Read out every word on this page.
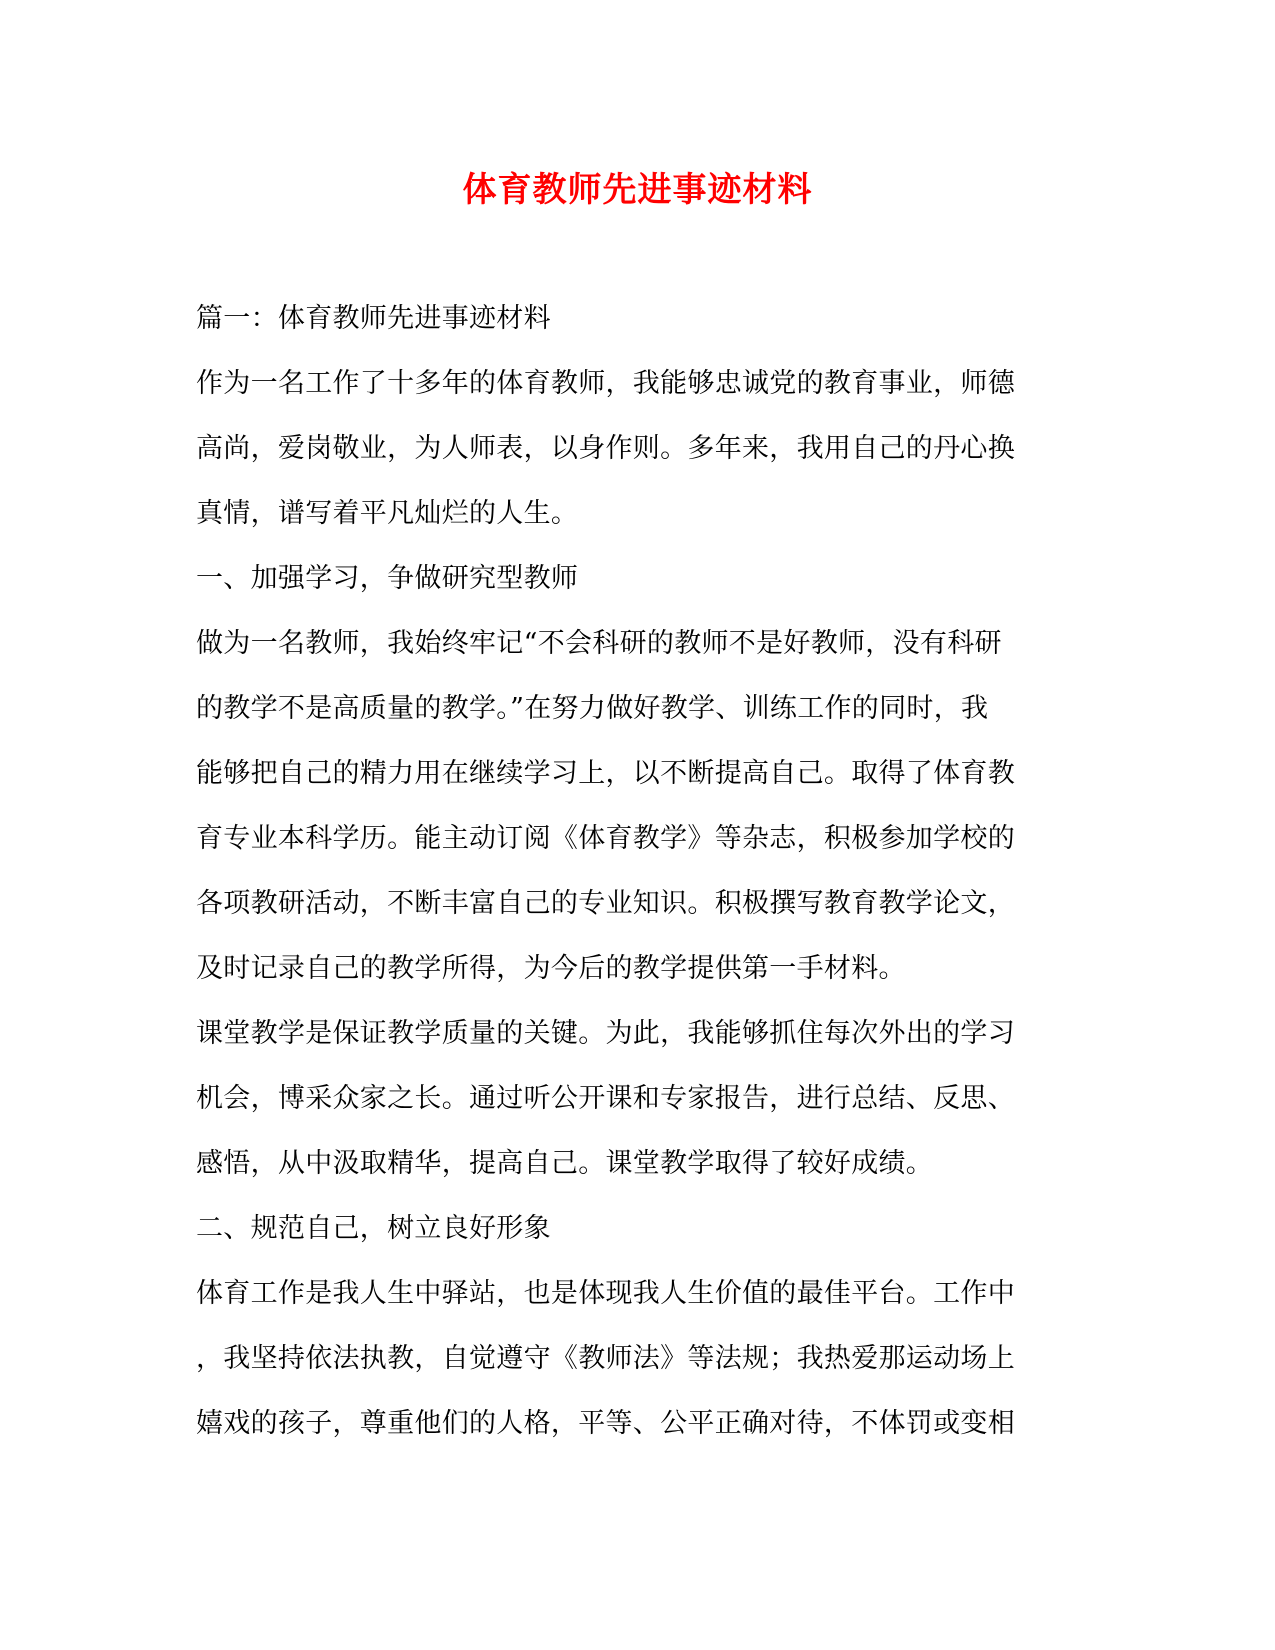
体育教师先进事迹材料
篇一：体育教师先进事迹材料
作为一名工作了十多年的体育教师，我能够忠诚党的教育事业，师德
高尚，爱岗敬业，为人师表，以身作则。多年来，我用自己的丹心换
真情，谱写着平凡灿烂的人生。
一、加强学习，争做研究型教师
做为一名教师，我始终牢记“不会科研的教师不是好教师，没有科研
的教学不是高质量的教学。”在努力做好教学、训练工作的同时，我
能够把自己的精力用在继续学习上，以不断提高自己。取得了体育教
育专业本科学历。能主动订阅《体育教学》等杂志，积极参加学校的
各项教研活动，不断丰富自己的专业知识。积极撰写教育教学论文，
及时记录自己的教学所得，为今后的教学提供第一手材料。
课堂教学是保证教学质量的关键。为此，我能够抓住每次外出的学习
机会，博采众家之长。通过听公开课和专家报告，进行总结、反思、
感悟，从中汲取精华，提高自己。课堂教学取得了较好成绩。
二、规范自己，树立良好形象
体育工作是我人生中驿站，也是体现我人生价值的最佳平台。工作中
，我坚持依法执教，自觉遵守《教师法》等法规；我热爱那运动场上
嬉戏的孩子，尊重他们的人格，平等、公平正确对待，不体罚或变相
